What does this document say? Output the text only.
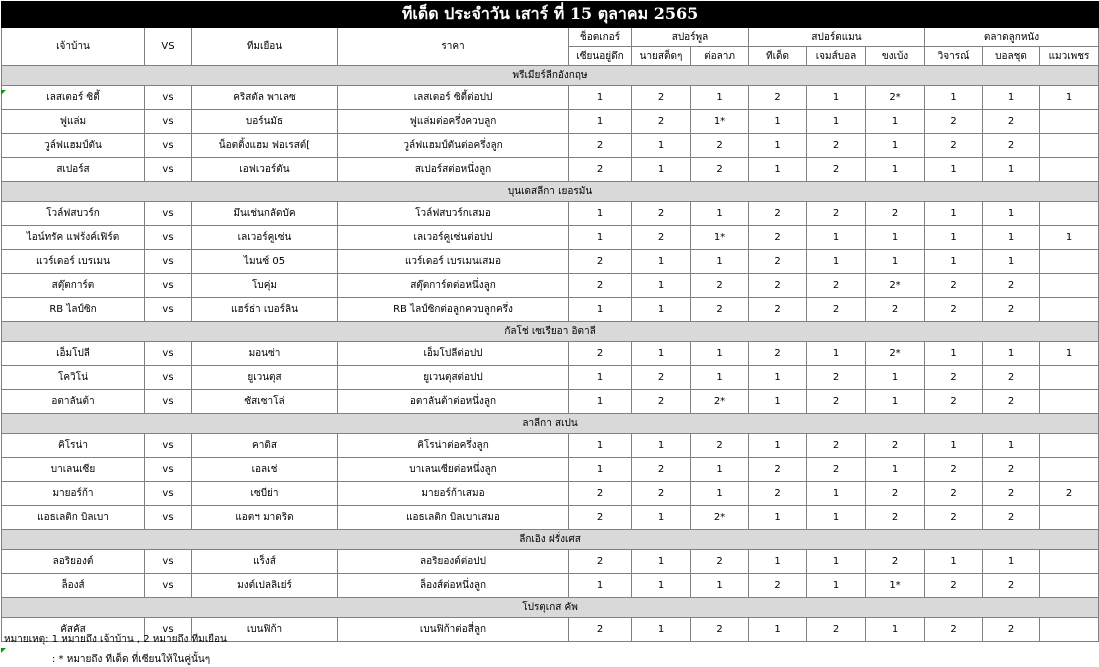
ทีเด็ด ประจำวัน เสาร์ ที่ 15 ตุลาคม 2565												
เจ้าบ้าน	VS	ทีมเยือน	ราคา	ช็อตเกอร์	สปอร์พูล		สปอร์ตแมน			ตลาดลูกหนัง		
				เซียนอยู่ดึก	นายสต็ดๆ	ต่อลาภ	ทีเด็ด	เจมส์บอล	ขงเบ้ง	วิจารณ์	บอลชุด	แมวเพชร
พรีเมียร์ลีกอังกฤษ												
เลสเตอร์ ซิตี้	vs	คริสตัล พาเลซ	เลสเตอร์ ซิตี้ต่อปป	1	2	1	2	1	2*	1	1	1
ฟูแล่ม	vs	บอร์นมัธ	ฟูแล่มต่อครึ่งควบลูก	1	2	1*	1	1	1	2	2	
วูล์ฟแฮมป์ตัน	vs	น็อตติ้งแฮม ฟอเรสต์[	วูล์ฟแฮมป์ตันต่อครึ่งลูก	2	1	2	1	2	1	2	2	
สเปอร์ส	vs	เอฟเวอร์ตัน	สเปอร์สต่อหนึ่งลูก	2	1	2	1	2	1	1	1	
บุนเดสลีกา เยอรมัน												
โวล์ฟสบวร์ก	vs	มึนเช่นกลัดบัค	โวล์ฟสบวร์กเสมอ	1	2	1	2	2	2	1	1	
ไอน์ทรัค แฟร้งค์เฟิร์ต	vs	เลเวอร์คูเซ่น	เลเวอร์คูเซ่นต่อปป	1	2	1*	2	1	1	1	1	1
แวร์เดอร์ เบรเมน	vs	ไมนซ์ 05	แวร์เดอร์ เบรเมนเสมอ	2	1	1	2	1	1	1	1	
สตุ๊ตการ์ต	vs	โบคุ่ม	สตุ๊ตการ์ตต่อหนึ่งลูก	2	1	2	2	2	2*	2	2	
RB ไลป์ซิก	vs	แฮร์ธ่า เบอร์ลิน	RB ไลป์ซิกต่อลูกควบลูกครึ่ง	1	1	2	2	2	2	2	2	
กัลโช่ เซเรียอา อิตาลี												
เอ็มโปลี	vs	มอนซ่า	เอ็มโปลีต่อปป	2	1	1	2	1	2*	1	1	1
โควิโน่	vs	ยูเวนตุส	ยูเวนตุสต่อปป	1	2	1	1	2	1	2	2	
อตาลันต้า	vs	ซัสเซาโล่	อตาลันต้าต่อหนึ่งลูก	1	2	2*	1	2	1	2	2	
ลาลีกา สเปน												
คิโรน่า	vs	คาดิส	คิโรน่าต่อครึ่งลูก	1	1	2	1	2	2	1	1	
บาเลนเซีย	vs	เอลเช่	บาเลนเซียต่อหนึ่งลูก	1	2	1	2	2	1	2	2	
มายอร์ก้า	vs	เซบีย่า	มายอร์ก้าเสมอ	2	2	1	2	1	2	2	2	2
แอธเลติก บิลเบา	vs	แอตฯ มาดริด	แอธเลติก บิลเบาเสมอ	2	1	2*	1	1	2	2	2	
ลีกเอิง ฝรั่งเศส												
ลอริยองต์	vs	แร็งส์	ลอริยองต์ต่อปป	2	1	2	1	1	2	1	1	
ล็องส์	vs	มงต์เปลลิเย่ร์	ล็องส์ต่อหนึ่งลูก	1	1	1	2	1	1*	2	2	
โปรตุเกส คัพ												
คัสคัส	vs	เบนฟิก้า	เบนฟิก้าต่อสี่ลูก	2	1	2	1	2	1	2	2	
หมายเหตุ: 1 หมายถึง เจ้าบ้าน , 2 หมายถึง ทีมเยือน
: * หมายถึง ทีเด็ด ที่เซียนให้ในคู่นั้นๆ
